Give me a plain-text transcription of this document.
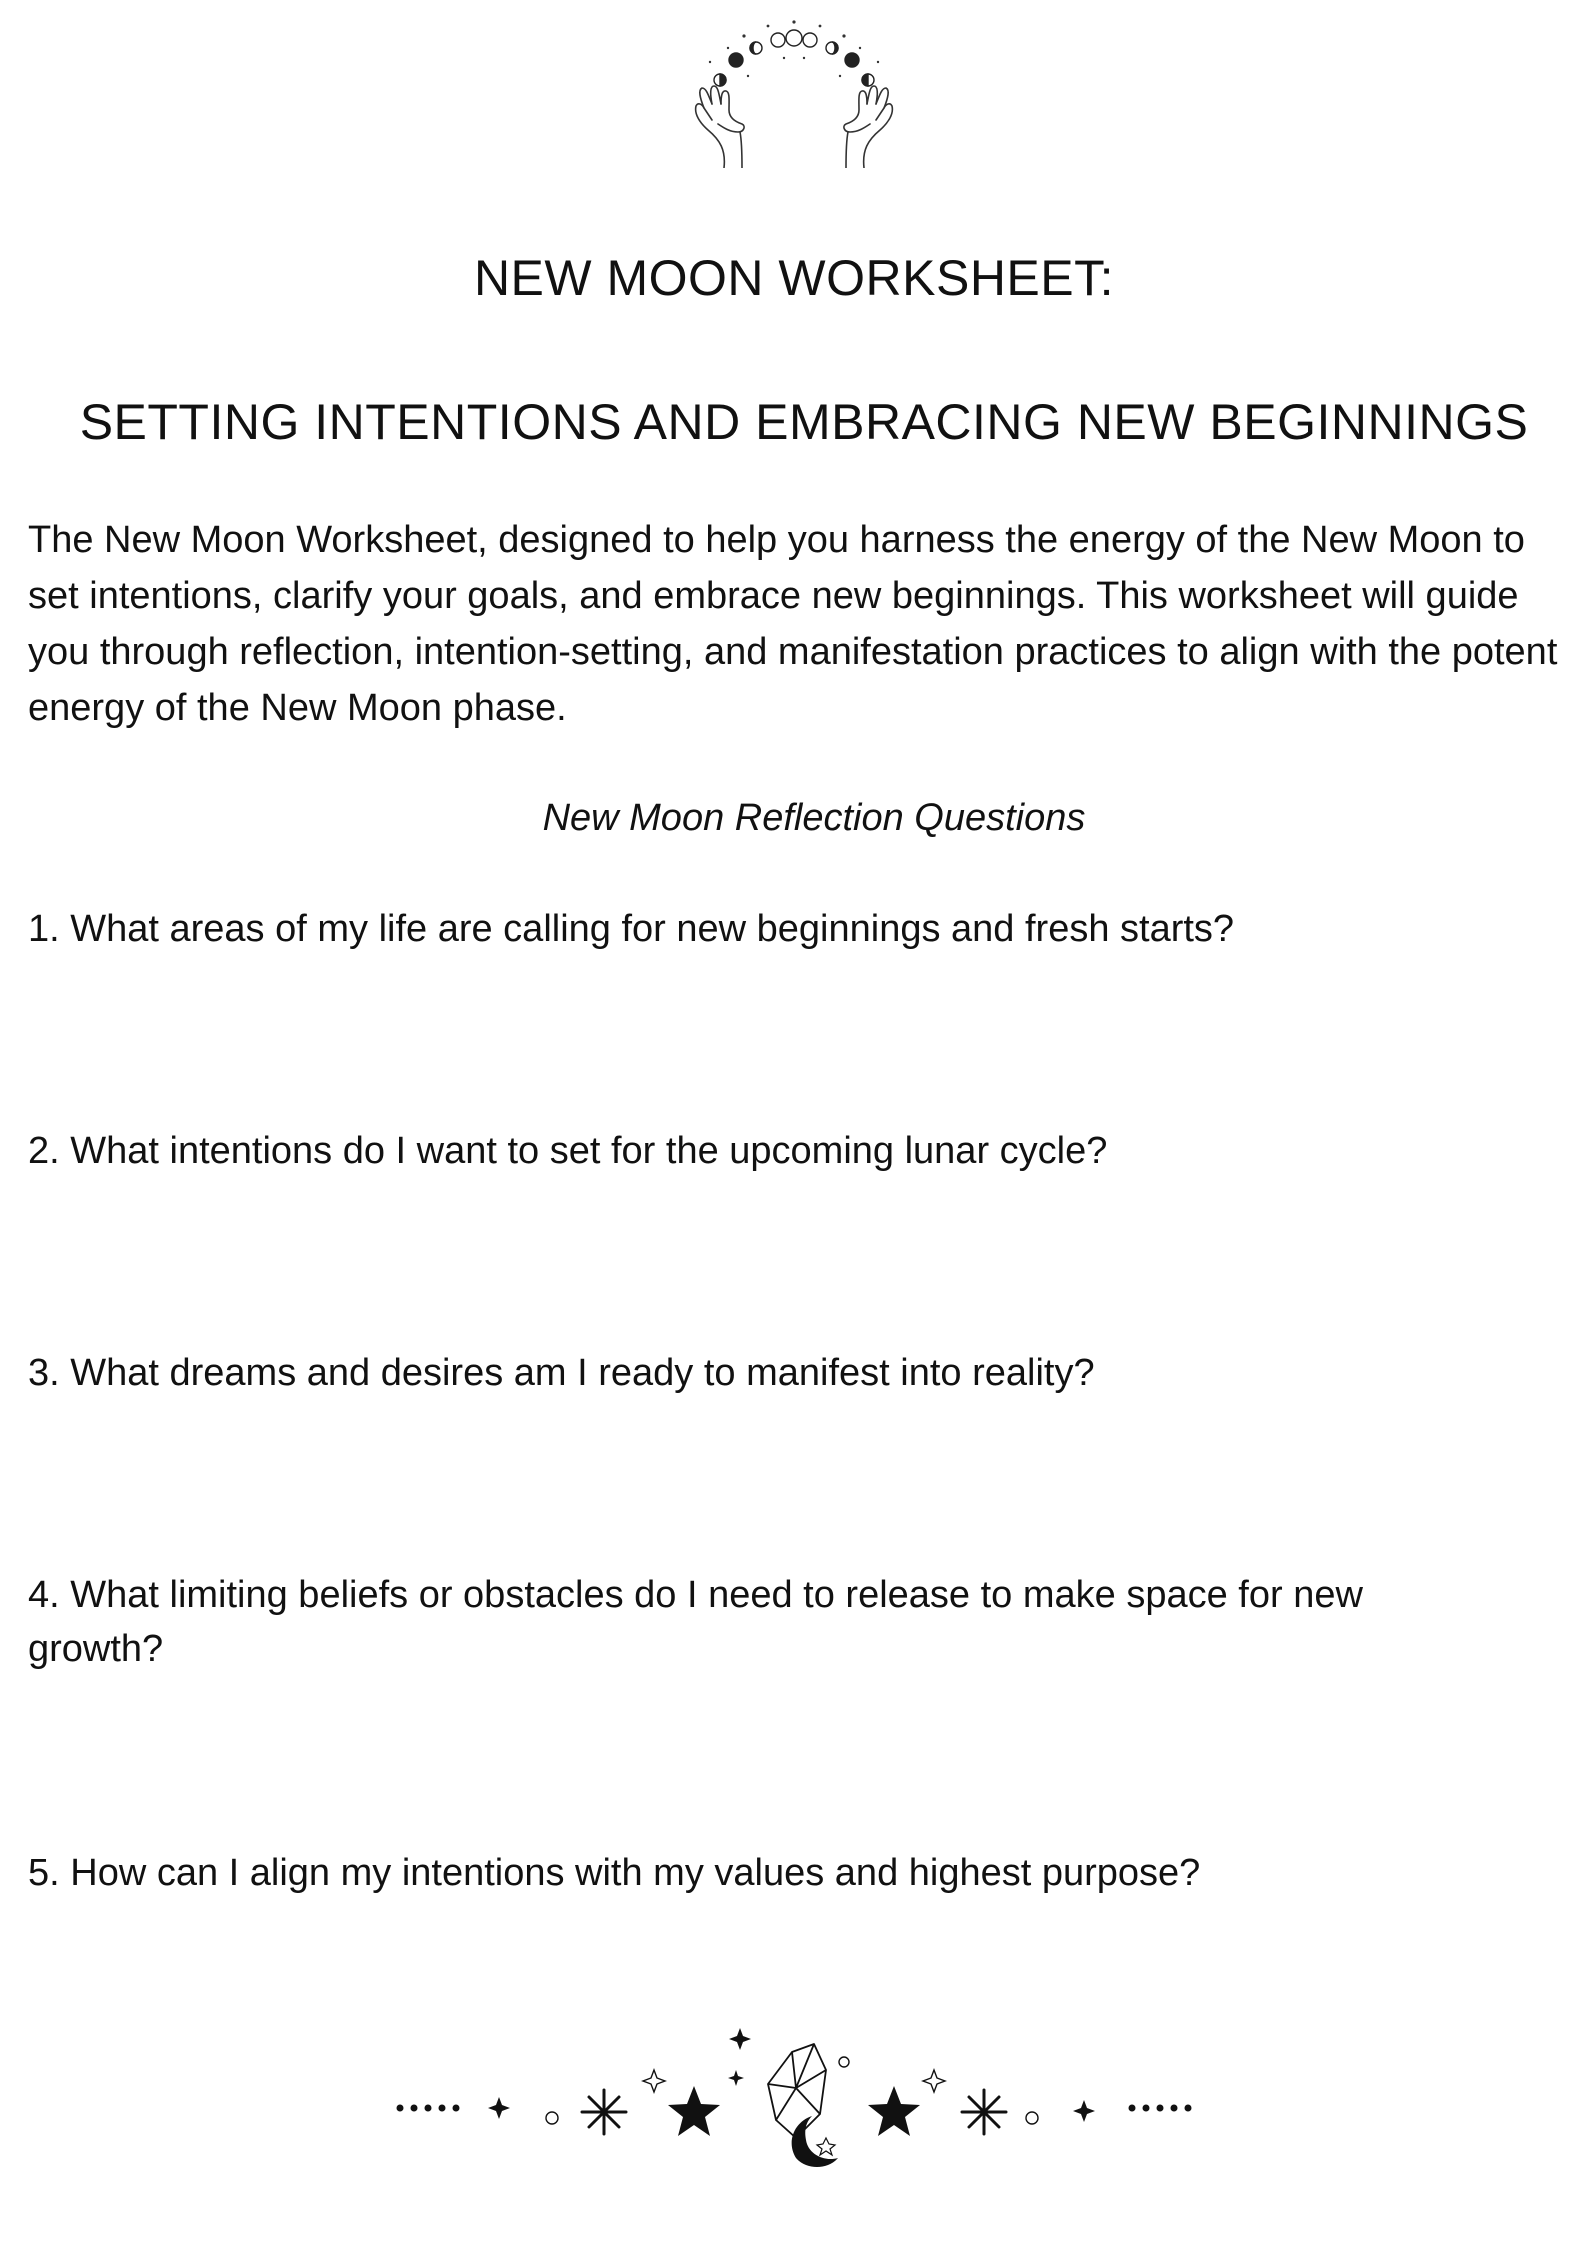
NEW MOON WORKSHEET:
SETTING INTENTIONS AND EMBRACING NEW BEGINNINGS

The New Moon Worksheet, designed to help you harness the energy of the New Moon to set intentions, clarify your goals, and embrace new beginnings. This worksheet will guide you through reflection, intention-setting, and manifestation practices to align with the potent energy of the New Moon phase.

New Moon Reflection Questions

1. What areas of my life are calling for new beginnings and fresh starts?

2. What intentions do I want to set for the upcoming lunar cycle?

3. What dreams and desires am I ready to manifest into reality?

4. What limiting beliefs or obstacles do I need to release to make space for new growth?

5. How can I align my intentions with my values and highest purpose?
